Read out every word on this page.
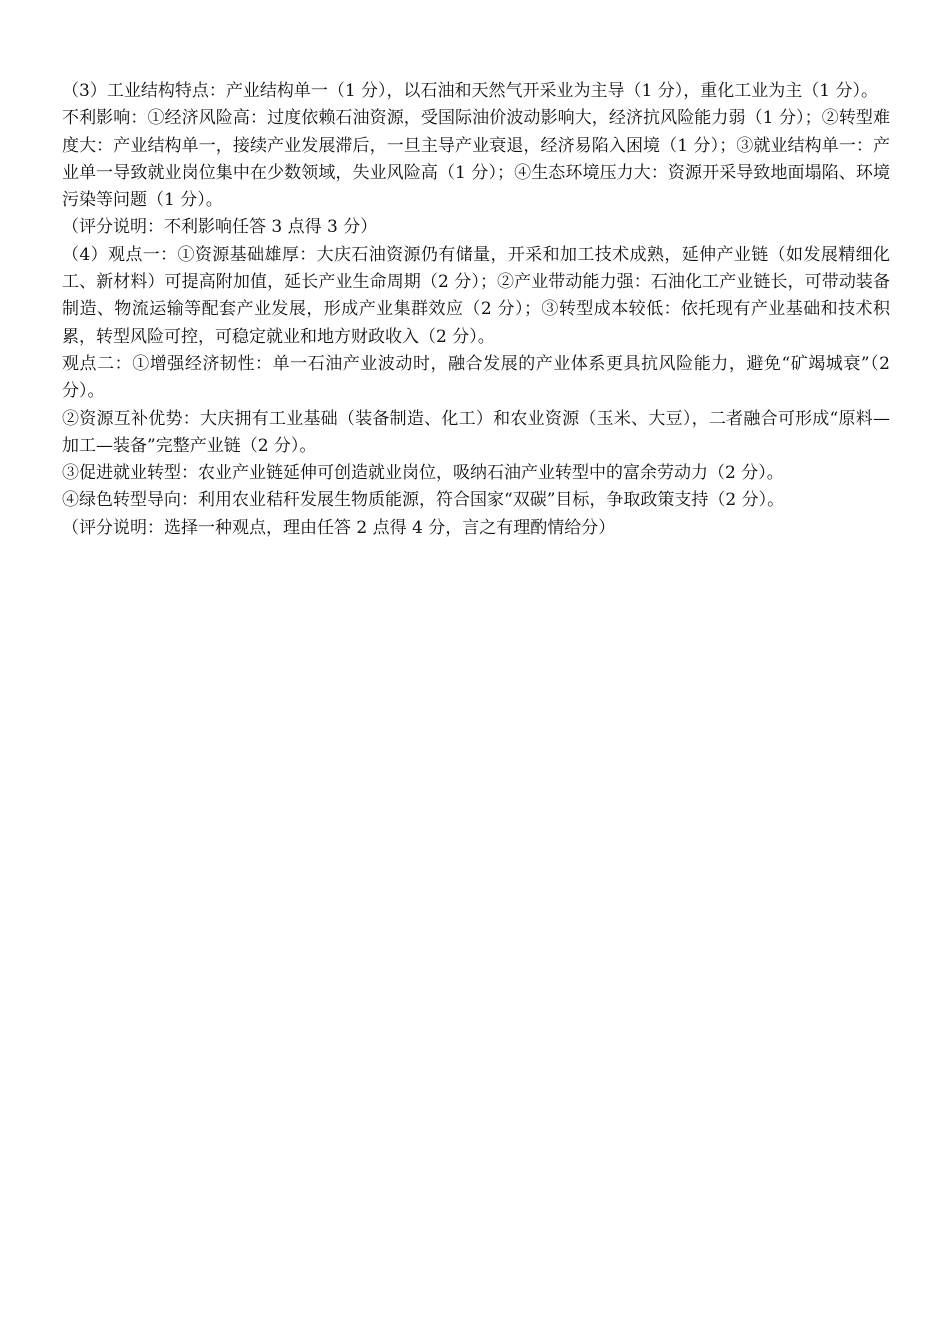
（3）工业结构特点：产业结构单一（1 分），以石油和天然气开采业为主导（1 分），重化工业为主（1 分）。

不利影响：①经济风险高：过度依赖石油资源，受国际油价波动影响大，经济抗风险能力弱（1 分）；②转型难度大：产业结构单一，接续产业发展滞后，一旦主导产业衰退，经济易陷入困境（1 分）；③就业结构单一：产业单一导致就业岗位集中在少数领域，失业风险高（1 分）；④生态环境压力大：资源开采导致地面塌陷、环境污染等问题（1 分）。

（评分说明：不利影响任答 3 点得 3 分）

（4）观点一：①资源基础雄厚：大庆石油资源仍有储量，开采和加工技术成熟，延伸产业链（如发展精细化工、新材料）可提高附加值，延长产业生命周期（2 分）；②产业带动能力强：石油化工产业链长，可带动装备制造、物流运输等配套产业发展，形成产业集群效应（2 分）；③转型成本较低：依托现有产业基础和技术积累，转型风险可控，可稳定就业和地方财政收入（2 分）。

观点二：①增强经济韧性：单一石油产业波动时，融合发展的产业体系更具抗风险能力，避免“矿竭城衰”（2 分）。

②资源互补优势：大庆拥有工业基础（装备制造、化工）和农业资源（玉米、大豆），二者融合可形成“原料—加工—装备”完整产业链（2 分）。

③促进就业转型：农业产业链延伸可创造就业岗位，吸纳石油产业转型中的富余劳动力（2 分）。

④绿色转型导向：利用农业秸秆发展生物质能源，符合国家“双碳”目标，争取政策支持（2 分）。

（评分说明：选择一种观点，理由任答 2 点得 4 分，言之有理酌情给分）
